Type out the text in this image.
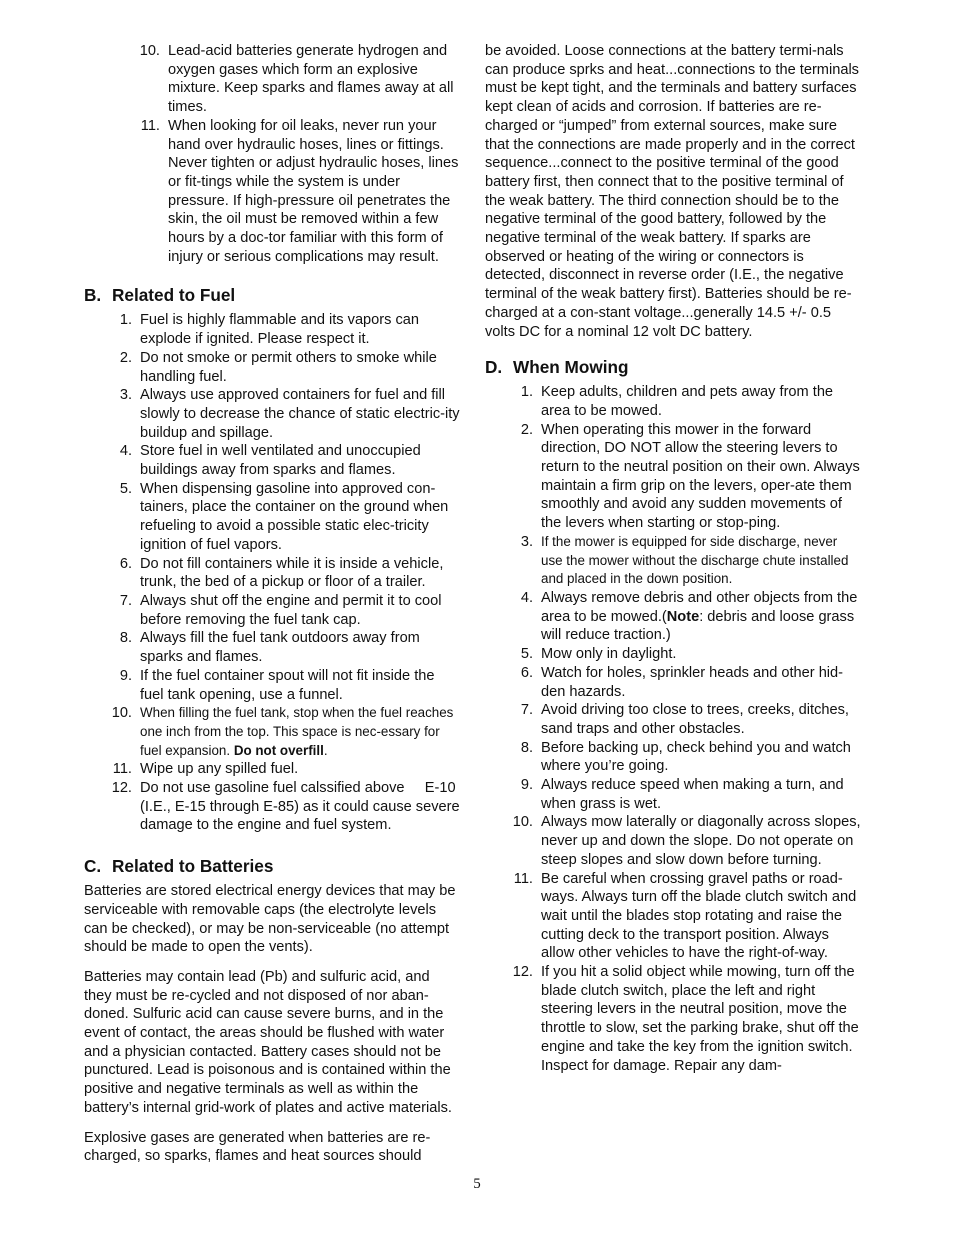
10. Lead-acid batteries generate hydrogen and oxygen gases which form an explosive mixture. Keep sparks and flames away at all times.
11. When looking for oil leaks, never run your hand over hydraulic hoses, lines or fittings. Never tighten or adjust hydraulic hoses, lines or fit-tings while the system is under pressure. If high-pressure oil penetrates the skin, the oil must be removed within a few hours by a doc-tor familiar with this form of injury or serious complications may result.
B. Related to Fuel
1. Fuel is highly flammable and its vapors can explode if ignited. Please respect it.
2. Do not smoke or permit others to smoke while handling fuel.
3. Always use approved containers for fuel and fill slowly to decrease the chance of static electric-ity buildup and spillage.
4. Store fuel in well ventilated and unoccupied buildings away from sparks and flames.
5. When dispensing gasoline into approved con-tainers, place the container on the ground when refueling to avoid a possible static elec-tricity ignition of fuel vapors.
6. Do not fill containers while it is inside a vehicle, trunk, the bed of a pickup or floor of a trailer.
7. Always shut off the engine and permit it to cool before removing the fuel tank cap.
8. Always fill the fuel tank outdoors away from sparks and flames.
9. If the fuel container spout will not fit inside the fuel tank opening, use a funnel.
10. When filling the fuel tank, stop when the fuel reaches one inch from the top. This space is nec-essary for fuel expansion. Do not overfill.
11. Wipe up any spilled fuel.
12. Do not use gasoline fuel calssified above     E-10 (I.E., E-15 through E-85) as it could cause severe damage to the engine and fuel system.
C. Related to Batteries

Batteries are stored electrical energy devices that may be serviceable with removable caps (the electrolyte levels can be checked), or may be non-serviceable (no attempt should be made to open the vents).

Batteries may contain lead (Pb) and sulfuric acid, and they must be re-cycled and not disposed of nor aban-doned. Sulfuric acid can cause severe burns, and in the event of contact, the areas should be flushed with water and a physician contacted. Battery cases should not be punctured. Lead is poisonous and is contained within the positive and negative terminals as well as within the battery’s internal grid-work of plates and active materials.

Explosive gases are generated when batteries are re-charged, so sparks, flames and heat sources should

be avoided. Loose connections at the battery termi-nals can produce sprks and heat...connections to the terminals must be kept tight, and the terminals and battery surfaces kept clean of acids and corrosion. If batteries are re-charged or “jumped” from external sources, make sure that the connections are made properly and in the correct sequence...connect to the positive terminal of the good battery first, then connect that to the positive terminal of the weak battery. The third connection should be to the negative terminal of the good battery, followed by the negative terminal of the weak battery. If sparks are observed or heating of the wiring or connectors is detected, disconnect in reverse order (I.E., the negative terminal of the weak battery first). Batteries should be re-charged at a con-stant voltage...generally 14.5 +/- 0.5 volts DC for a nominal 12 volt DC battery.

D. When Mowing
1. Keep adults, children and pets away from the area to be mowed.
2. When operating this mower in the forward direction, DO NOT allow the steering levers to return to the neutral position on their own. Always maintain a firm grip on the levers, oper-ate them smoothly and avoid any sudden movements of the levers when starting or stop-ping.
3. If the mower is equipped for side discharge, never use the mower without the discharge chute installed and placed in the down position.
4. Always remove debris and other objects from the area to be mowed.(Note: debris and loose grass will reduce traction.)
5. Mow only in daylight.
6. Watch for holes, sprinkler heads and other hid-den hazards.
7. Avoid driving too close to trees, creeks, ditches, sand traps and other obstacles.
8. Before backing up, check behind you and watch where you’re going.
9. Always reduce speed when making a turn, and when grass is wet.
10. Always mow laterally or diagonally across slopes, never up and down the slope. Do not operate on steep slopes and slow down before turning.
11. Be careful when crossing gravel paths or road-ways. Always turn off the blade clutch switch and wait until the blades stop rotating and raise the cutting deck to the transport position. Always allow other vehicles to have the right-of-way.
12. If you hit a solid object while mowing, turn off the blade clutch switch, place the left and right steering levers in the neutral position, move the throttle to slow, set the parking brake, shut off the engine and take the key from the ignition switch. Inspect for damage. Repair any dam-
5
